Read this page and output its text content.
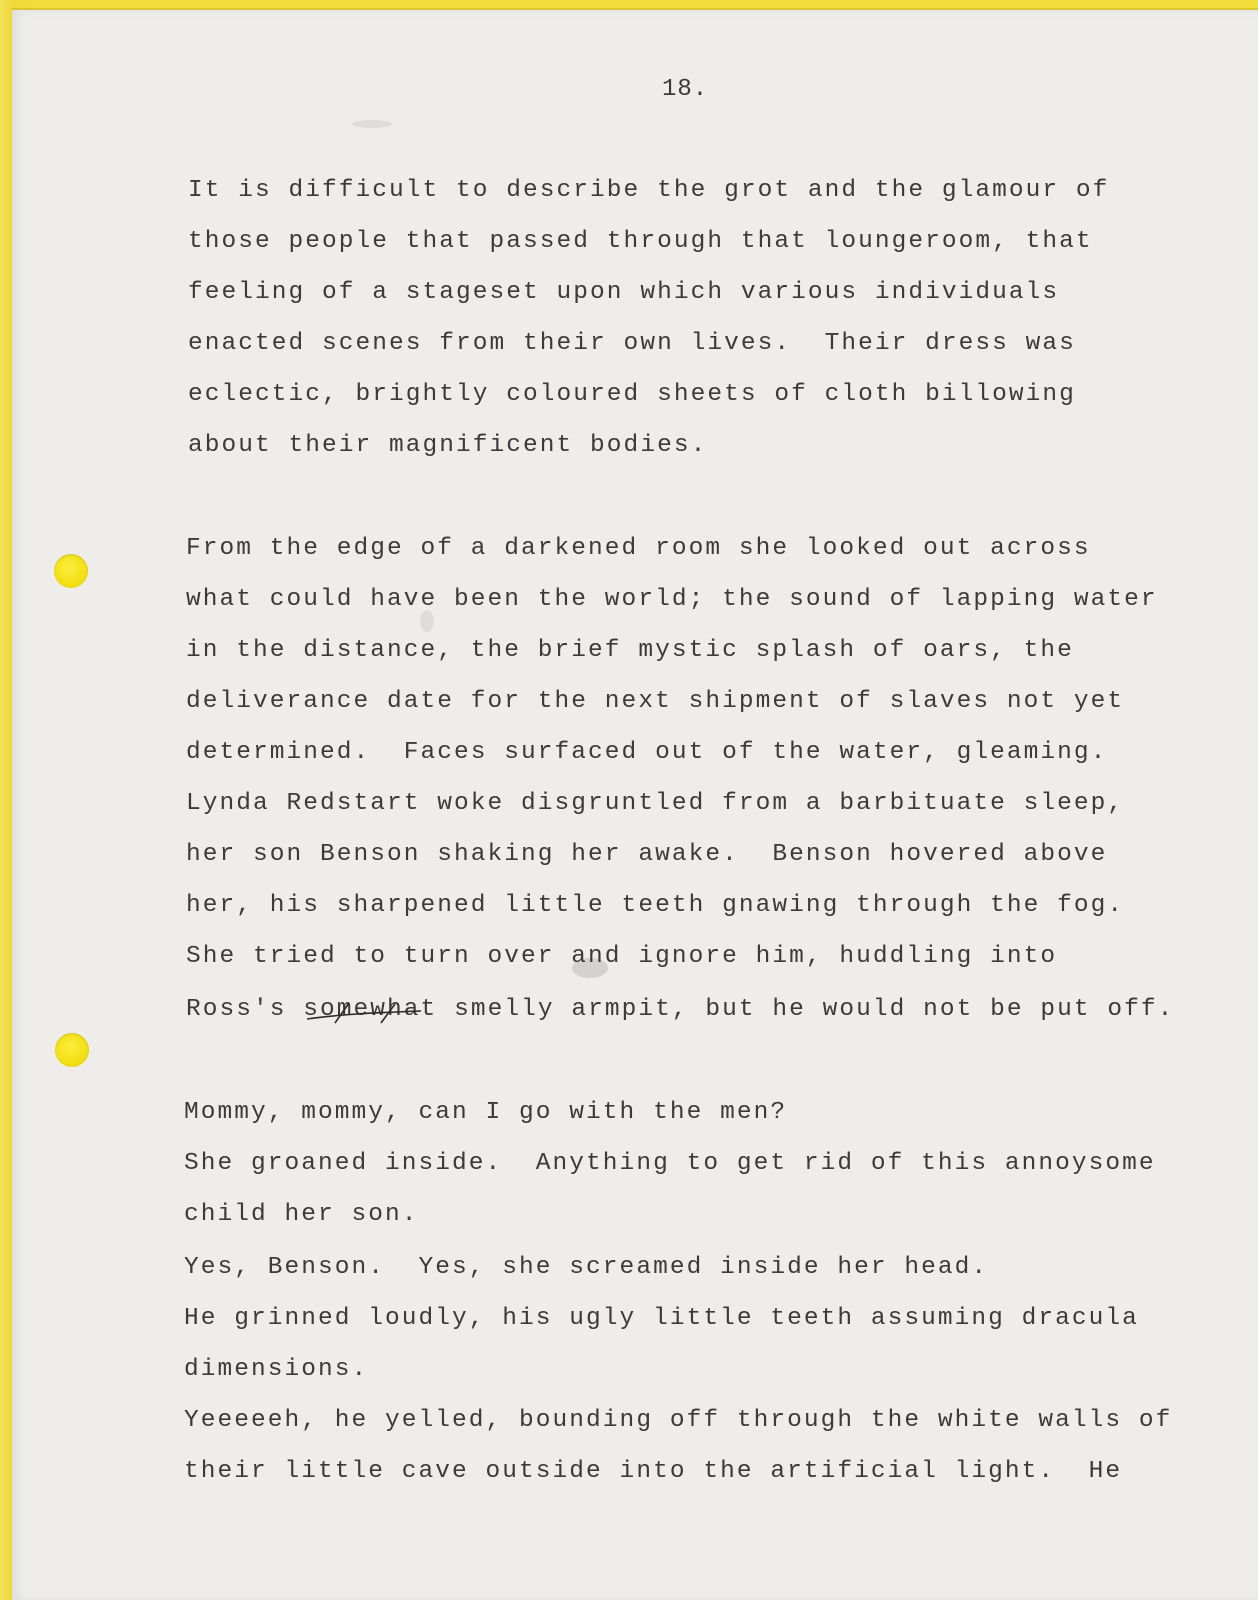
18.
It is difficult to describe the grot and the glamour of
those people that passed through that loungeroom, that
feeling of a stageset upon which various individuals
enacted scenes from their own lives.  Their dress was
eclectic, brightly coloured sheets of cloth billowing
about their magnificent bodies.
From the edge of a darkened room she looked out across
what could have been the world; the sound of lapping water
in the distance, the brief mystic splash of oars, the
deliverance date for the next shipment of slaves not yet
determined.  Faces surfaced out of the water, gleaming.
Lynda Redstart woke disgruntled from a barbituate sleep,
her son Benson shaking her awake.  Benson hovered above
her, his sharpened little teeth gnawing through the fog.
She tried to turn over and ignore him, huddling into
Ross's somewhat
smelly armpit, but he would not be put off.
Mommy, mommy, can I go with the men?
She groaned inside.  Anything to get rid of this annoysome
child her son.
Yes, Benson.  Yes, she screamed inside her head.
He grinned loudly, his ugly little teeth assuming dracula
dimensions.
Yeeeeeh, he yelled, bounding off through the white walls of
their little cave outside into the artificial light.  He
